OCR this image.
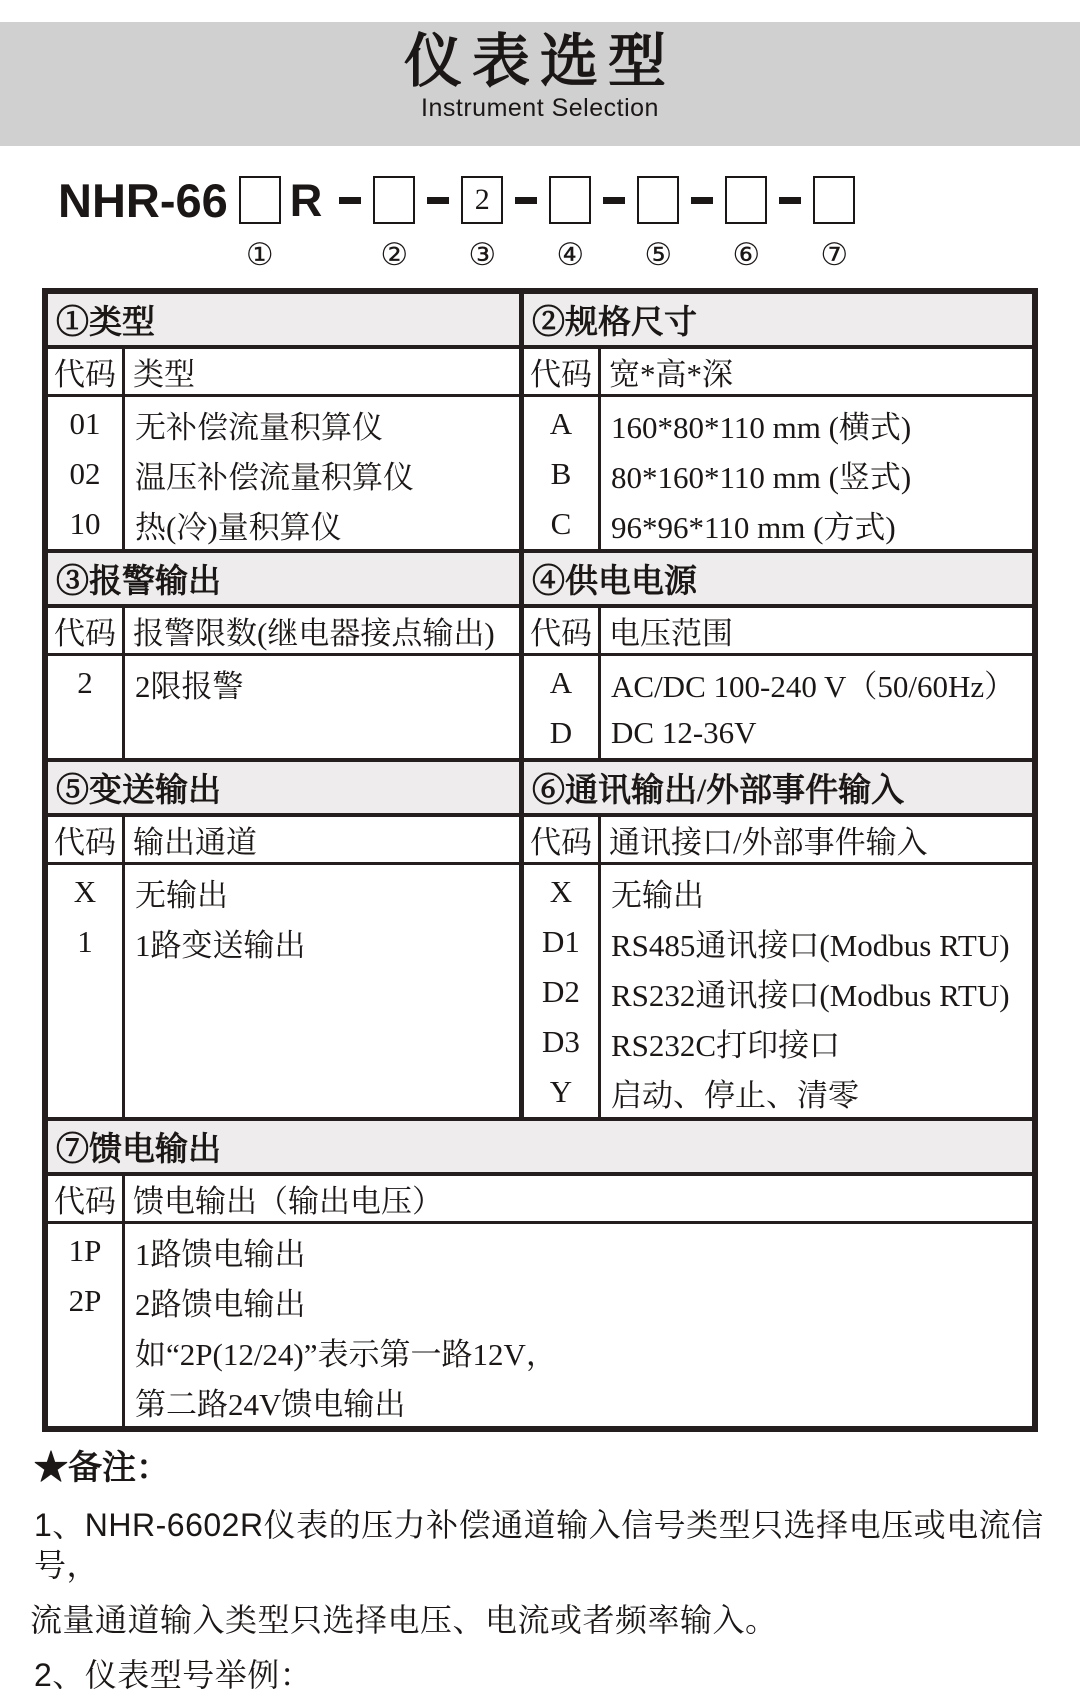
仪表选型
Instrument Selection
NHR-66
①
R
②
2
③ ④ ⑤ ⑥ ⑦
①类型
代码 类型
01
02
10
无补偿流量积算仪
温压补偿流量积算仪
热(冷)量积算仪
②规格尺寸
代码 宽*高*深
A
B
C
160*80*110 mm (横式)
80*160*110 mm (竖式)
96*96*110 mm (方式)
③报警输出
代码 报警限数(继电器接点输出)
2	2限报警
④供电电源
代码 电压范围
A
D
AC/DC 100-240 V（50/60Hz）
DC 12-36V
⑤变送输出
代码 输出通道
X
1
无输出
1路变送输出
⑥通讯输出/外部事件输入
代码 通讯接口/外部事件输入
X
D1
D2
D3
Y
无输出
RS485通讯接口(Modbus RTU)
RS232通讯接口(Modbus RTU)
RS232C打印接口
启动、停止、清零
⑦馈电输出
代码 馈电输出（输出电压）
1P
2P
1路馈电输出
2路馈电输出
如“2P(12/24)”表示第一路12V，
第二路24V馈电输出
★备注：
1、NHR-6602R仪表的压力补偿通道输入信号类型只选择电压或电流信号，
流量通道输入类型只选择电压、电流或者频率输入。
2、仪表型号举例：
